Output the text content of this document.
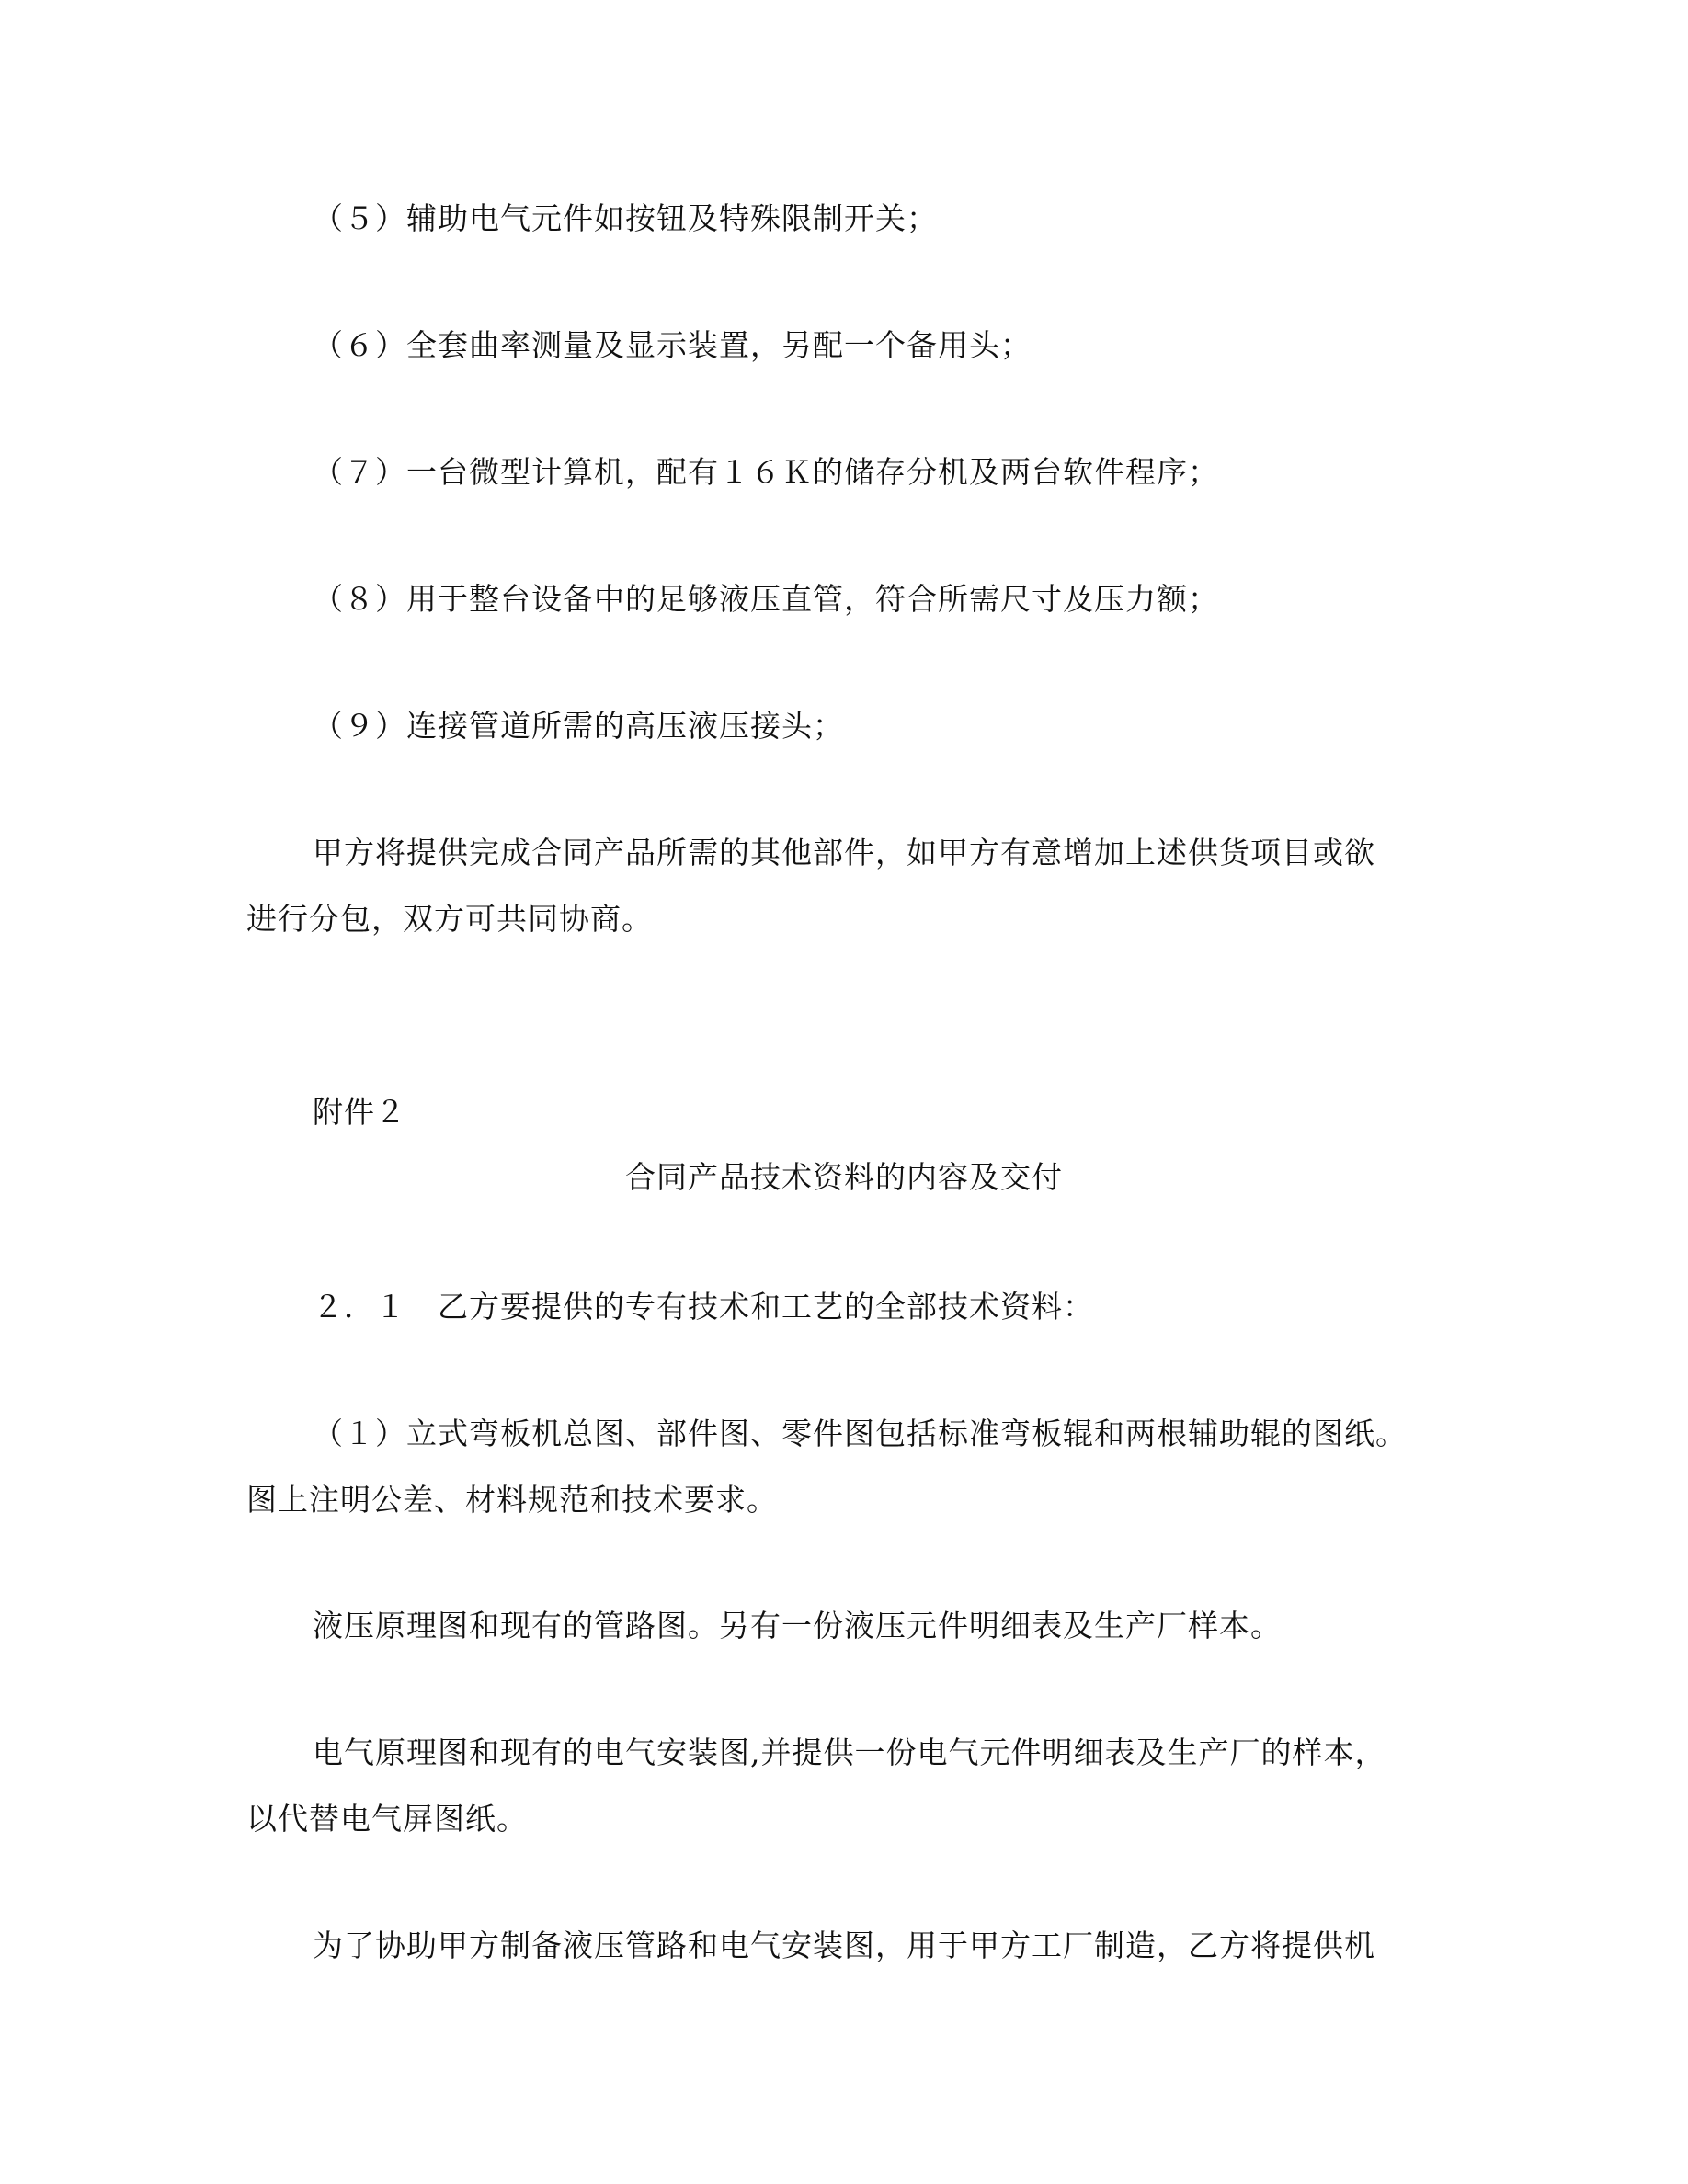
（５）辅助电气元件如按钮及特殊限制开关；
（６）全套曲率测量及显示装置，另配一个备用头；
（７）一台微型计算机，配有１６Ｋ的储存分机及两台软件程序；
（８）用于整台设备中的足够液压直管，符合所需尺寸及压力额；
（９）连接管道所需的高压液压接头；
甲方将提供完成合同产品所需的其他部件，如甲方有意增加上述供货项目或欲
进行分包，双方可共同协商。
附件２
合同产品技术资料的内容及交付
２．１　乙方要提供的专有技术和工艺的全部技术资料：
（１）立式弯板机总图、部件图、零件图包括标准弯板辊和两根辅助辊的图纸。
图上注明公差、材料规范和技术要求。
液压原理图和现有的管路图。另有一份液压元件明细表及生产厂样本。
电气原理图和现有的电气安装图,并提供一份电气元件明细表及生产厂的样本，
以代替电气屏图纸。
为了协助甲方制备液压管路和电气安装图，用于甲方工厂制造，乙方将提供机
